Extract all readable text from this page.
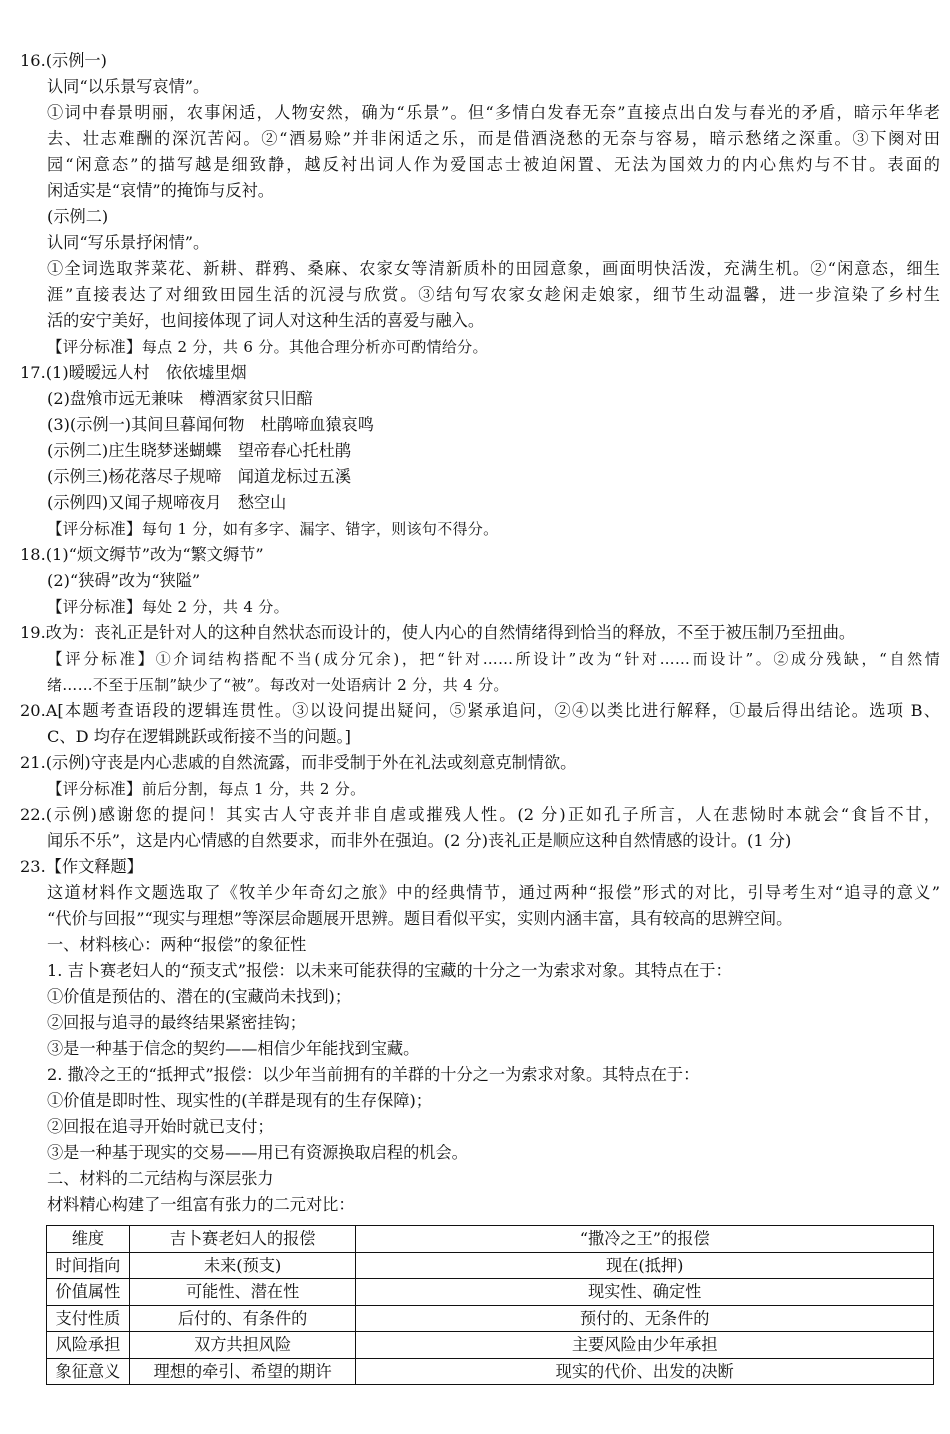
16.(示例一)
认同“以乐景写哀情”。
①词中春景明丽，农事闲适，人物安然，确为“乐景”。但“多情白发春无奈”直接点出白发与春光的矛盾，暗示年华老
去、壮志难酬的深沉苦闷。②“酒易赊”并非闲适之乐，而是借酒浇愁的无奈与容易，暗示愁绪之深重。③下阕对田
园“闲意态”的描写越是细致静，越反衬出词人作为爱国志士被迫闲置、无法为国效力的内心焦灼与不甘。表面的
闲适实是“哀情”的掩饰与反衬。
(示例二)
认同“写乐景抒闲情”。
①全词选取荠菜花、新耕、群鸦、桑麻、农家女等清新质朴的田园意象，画面明快活泼，充满生机。②“闲意态，细生
涯”直接表达了对细致田园生活的沉浸与欣赏。③结句写农家女趁闲走娘家，细节生动温馨，进一步渲染了乡村生
活的安宁美好，也间接体现了词人对这种生活的喜爱与融入。
【评分标准】每点 2 分，共 6 分。其他合理分析亦可酌情给分。
17.(1)暧暧远人村　依依墟里烟
(2)盘飧市远无兼味　樽酒家贫只旧醅
(3)(示例一)其间旦暮闻何物　杜鹃啼血猿哀鸣
(示例二)庄生晓梦迷蝴蝶　望帝春心托杜鹃
(示例三)杨花落尽子规啼　闻道龙标过五溪
(示例四)又闻子规啼夜月　愁空山
【评分标准】每句 1 分，如有多字、漏字、错字，则该句不得分。
18.(1)“烦文缛节”改为“繁文缛节”
(2)“狭碍”改为“狭隘”
【评分标准】每处 2 分，共 4 分。
19.改为：丧礼正是针对人的这种自然状态而设计的，使人内心的自然情绪得到恰当的释放，不至于被压制乃至扭曲。
【评分标准】①介词结构搭配不当(成分冗余)，把“针对……所设计”改为“针对……而设计”。②成分残缺，“自然情
绪……不至于压制”缺少了“被”。每改对一处语病计 2 分，共 4 分。
20.A[本题考查语段的逻辑连贯性。③以设问提出疑问，⑤紧承追问，②④以类比进行解释，①最后得出结论。选项 B、
C、D 均存在逻辑跳跃或衔接不当的问题。]
21.(示例)守丧是内心悲戚的自然流露，而非受制于外在礼法或刻意克制情欲。
【评分标准】前后分割，每点 1 分，共 2 分。
22.(示例)感谢您的提问！其实古人守丧并非自虐或摧残人性。(2 分)正如孔子所言，人在悲恸时本就会“食旨不甘，
闻乐不乐”，这是内心情感的自然要求，而非外在强迫。(2 分)丧礼正是顺应这种自然情感的设计。(1 分)
23.【作文释题】
这道材料作文题选取了《牧羊少年奇幻之旅》中的经典情节，通过两种“报偿”形式的对比，引导考生对“追寻的意义”
“代价与回报”“现实与理想”等深层命题展开思辨。题目看似平实，实则内涵丰富，具有较高的思辨空间。
一、材料核心：两种“报偿”的象征性
1. 吉卜赛老妇人的“预支式”报偿：以未来可能获得的宝藏的十分之一为索求对象。其特点在于：
①价值是预估的、潜在的(宝藏尚未找到)；
②回报与追寻的最终结果紧密挂钩；
③是一种基于信念的契约——相信少年能找到宝藏。
2. 撒冷之王的“抵押式”报偿：以少年当前拥有的羊群的十分之一为索求对象。其特点在于：
①价值是即时性、现实性的(羊群是现有的生存保障)；
②回报在追寻开始时就已支付；
③是一种基于现实的交易——用已有资源换取启程的机会。
二、材料的二元结构与深层张力
材料精心构建了一组富有张力的二元对比：
维度	吉卜赛老妇人的报偿	“撒冷之王”的报偿
时间指向	未来(预支)	现在(抵押)
价值属性	可能性、潜在性	现实性、确定性
支付性质	后付的、有条件的	预付的、无条件的
风险承担	双方共担风险	主要风险由少年承担
象征意义	理想的牵引、希望的期许	现实的代价、出发的决断
